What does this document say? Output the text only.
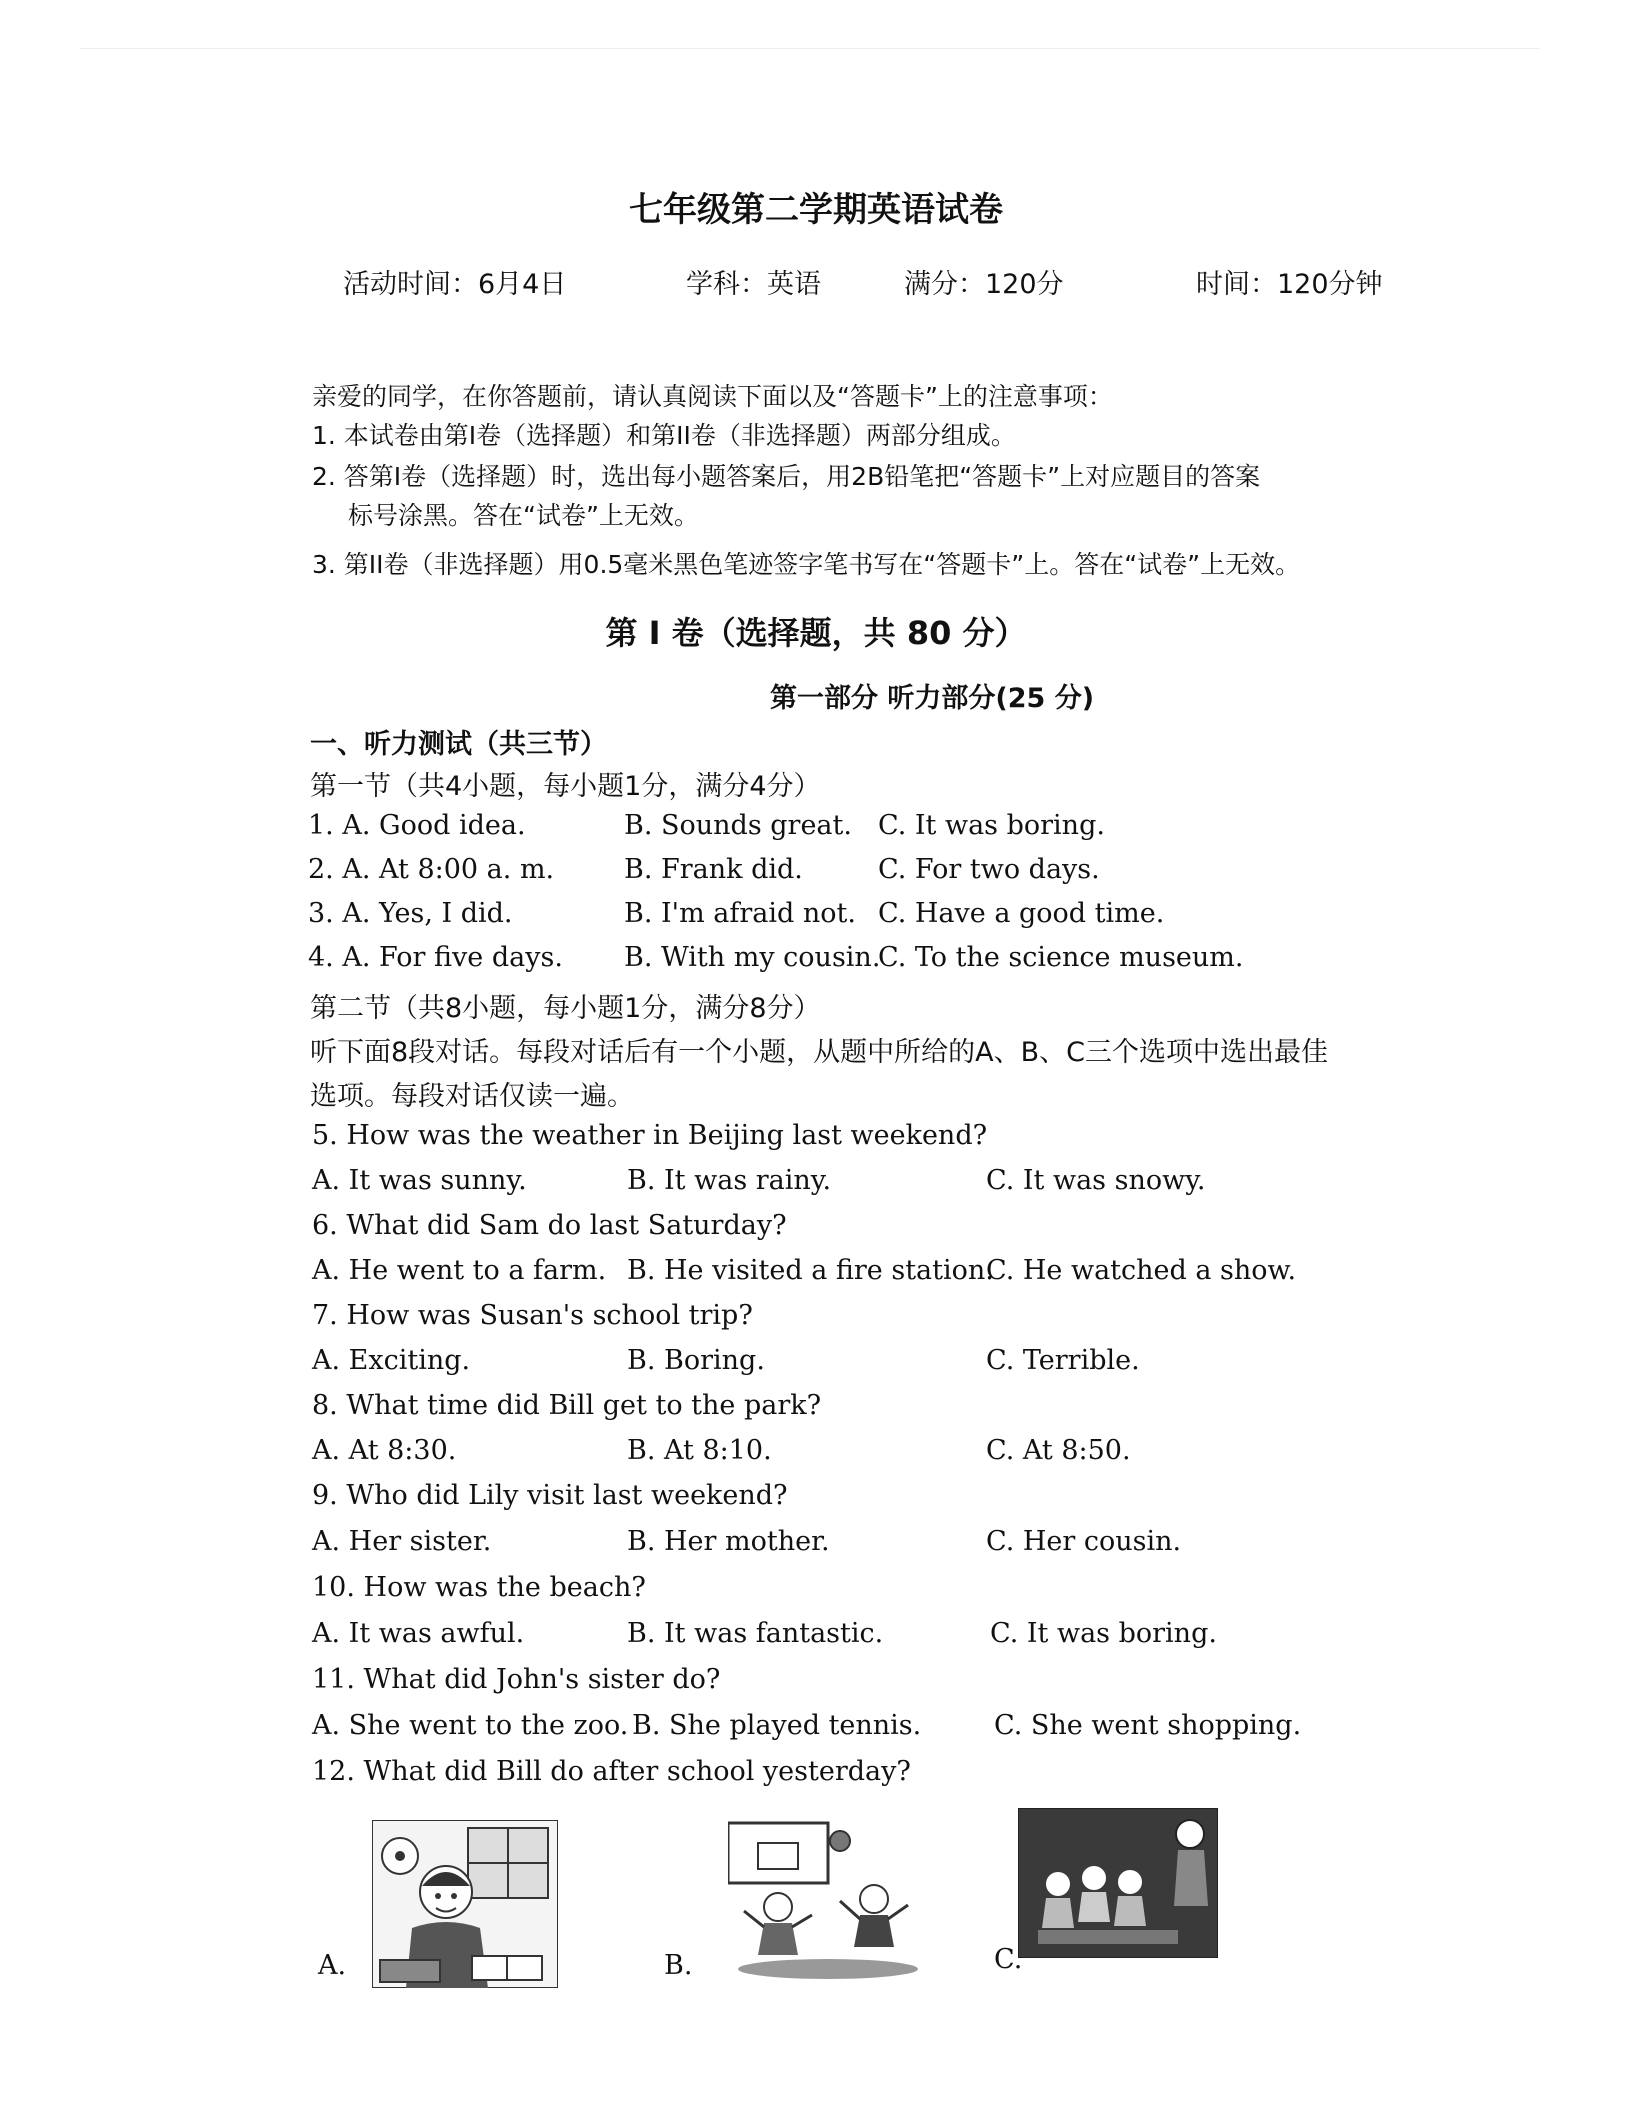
七年级第二学期英语试卷
活动时间：6月4日	学科：英语	满分：120分	时间：120分钟
亲爱的同学，在你答题前，请认真阅读下面以及“答题卡”上的注意事项：
1. 本试卷由第I卷（选择题）和第II卷（非选择题）两部分组成。
2. 答第I卷（选择题）时，选出每小题答案后，用2B铅笔把“答题卡”上对应题目的答案
标号涂黑。答在“试卷”上无效。
3. 第II卷（非选择题）用0.5毫米黑色笔迹签字笔书写在“答题卡”上。答在“试卷”上无效。
第 I 卷（选择题，共 80 分）
第一部分 听力部分(25 分)
一、听力测试（共三节）
第一节（共4小题，每小题1分，满分4分）
1. A. Good idea.	B. Sounds great. C. It was boring.
2. A. At 8:00 a. m.	B. Frank did.	C. For two days.
3. A. Yes, I did.	B. I'm afraid not. C. Have a good time.
4. A. For five days. B. With my cousin.
C. To the science museum.
第二节（共8小题，每小题1分，满分8分）
听下面8段对话。每段对话后有一个小题，从题中所给的A、B、C三个选项中选出最佳
选项。每段对话仅读一遍。
5. How was the weather in Beijing last weekend?
A. It was sunny.	B. It was rainy.	C. It was snowy.
6. What did Sam do last Saturday?
A. He went to a farm. B. He visited a fire station.
C. He watched a show.
7. How was Susan's school trip?
A. Exciting.	B. Boring.	C. Terrible.
8. What time did Bill get to the park?
A. At 8:30.	B. At 8:10.	C. At 8:50.
9. Who did Lily visit last weekend?
A. Her sister.	B. Her mother.	C. Her cousin.
10. How was the beach?
A. It was awful.	B. It was fantastic.	C. It was boring.
11. What did John's sister do?
A. She went to the zoo. B. She played tennis.	C. She went shopping.
12. What did Bill do after school yesterday?
A.	B.	C.
